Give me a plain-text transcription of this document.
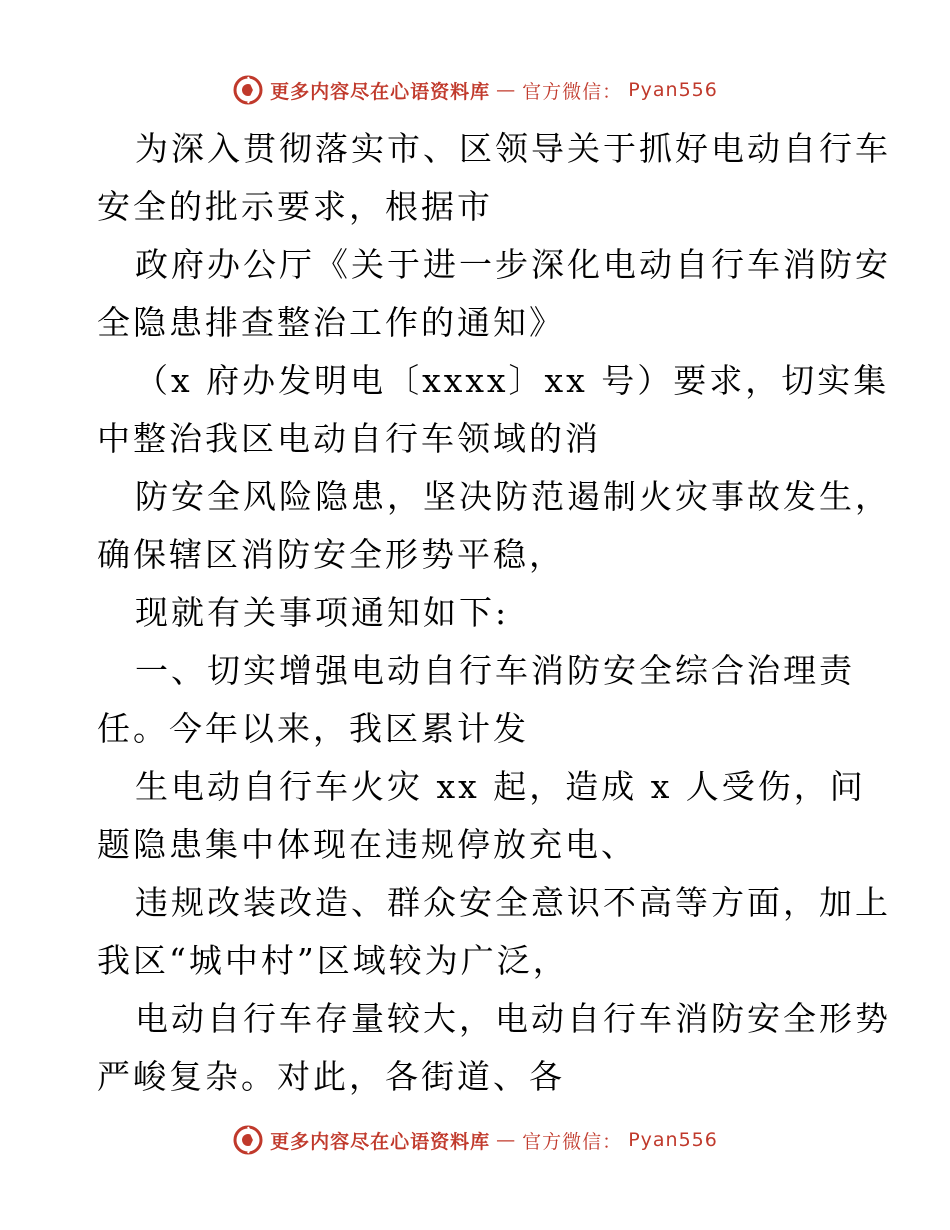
更多内容尽在心语资料库 — 官方微信： Pyan556

为深入贯彻落实市、区领导关于抓好电动自行车
安全的批示要求，根据市

政府办公厅《关于进一步深化电动自行车消防安
全隐患排查整治工作的通知》

（x 府办发明电〔xxxx〕xx 号）要求，切实集
中整治我区电动自行车领域的消

防安全风险隐患，坚决防范遏制火灾事故发生，
确保辖区消防安全形势平稳，

现就有关事项通知如下:

一、切实增强电动自行车消防安全综合治理责
任。今年以来，我区累计发

生电动自行车火灾 xx 起，造成 x 人受伤，问
题隐患集中体现在违规停放充电、

违规改装改造、群众安全意识不高等方面，加上
我区“城中村”区域较为广泛，

电动自行车存量较大，电动自行车消防安全形势
严峻复杂。对此，各街道、各

更多内容尽在心语资料库 — 官方微信： Pyan556
